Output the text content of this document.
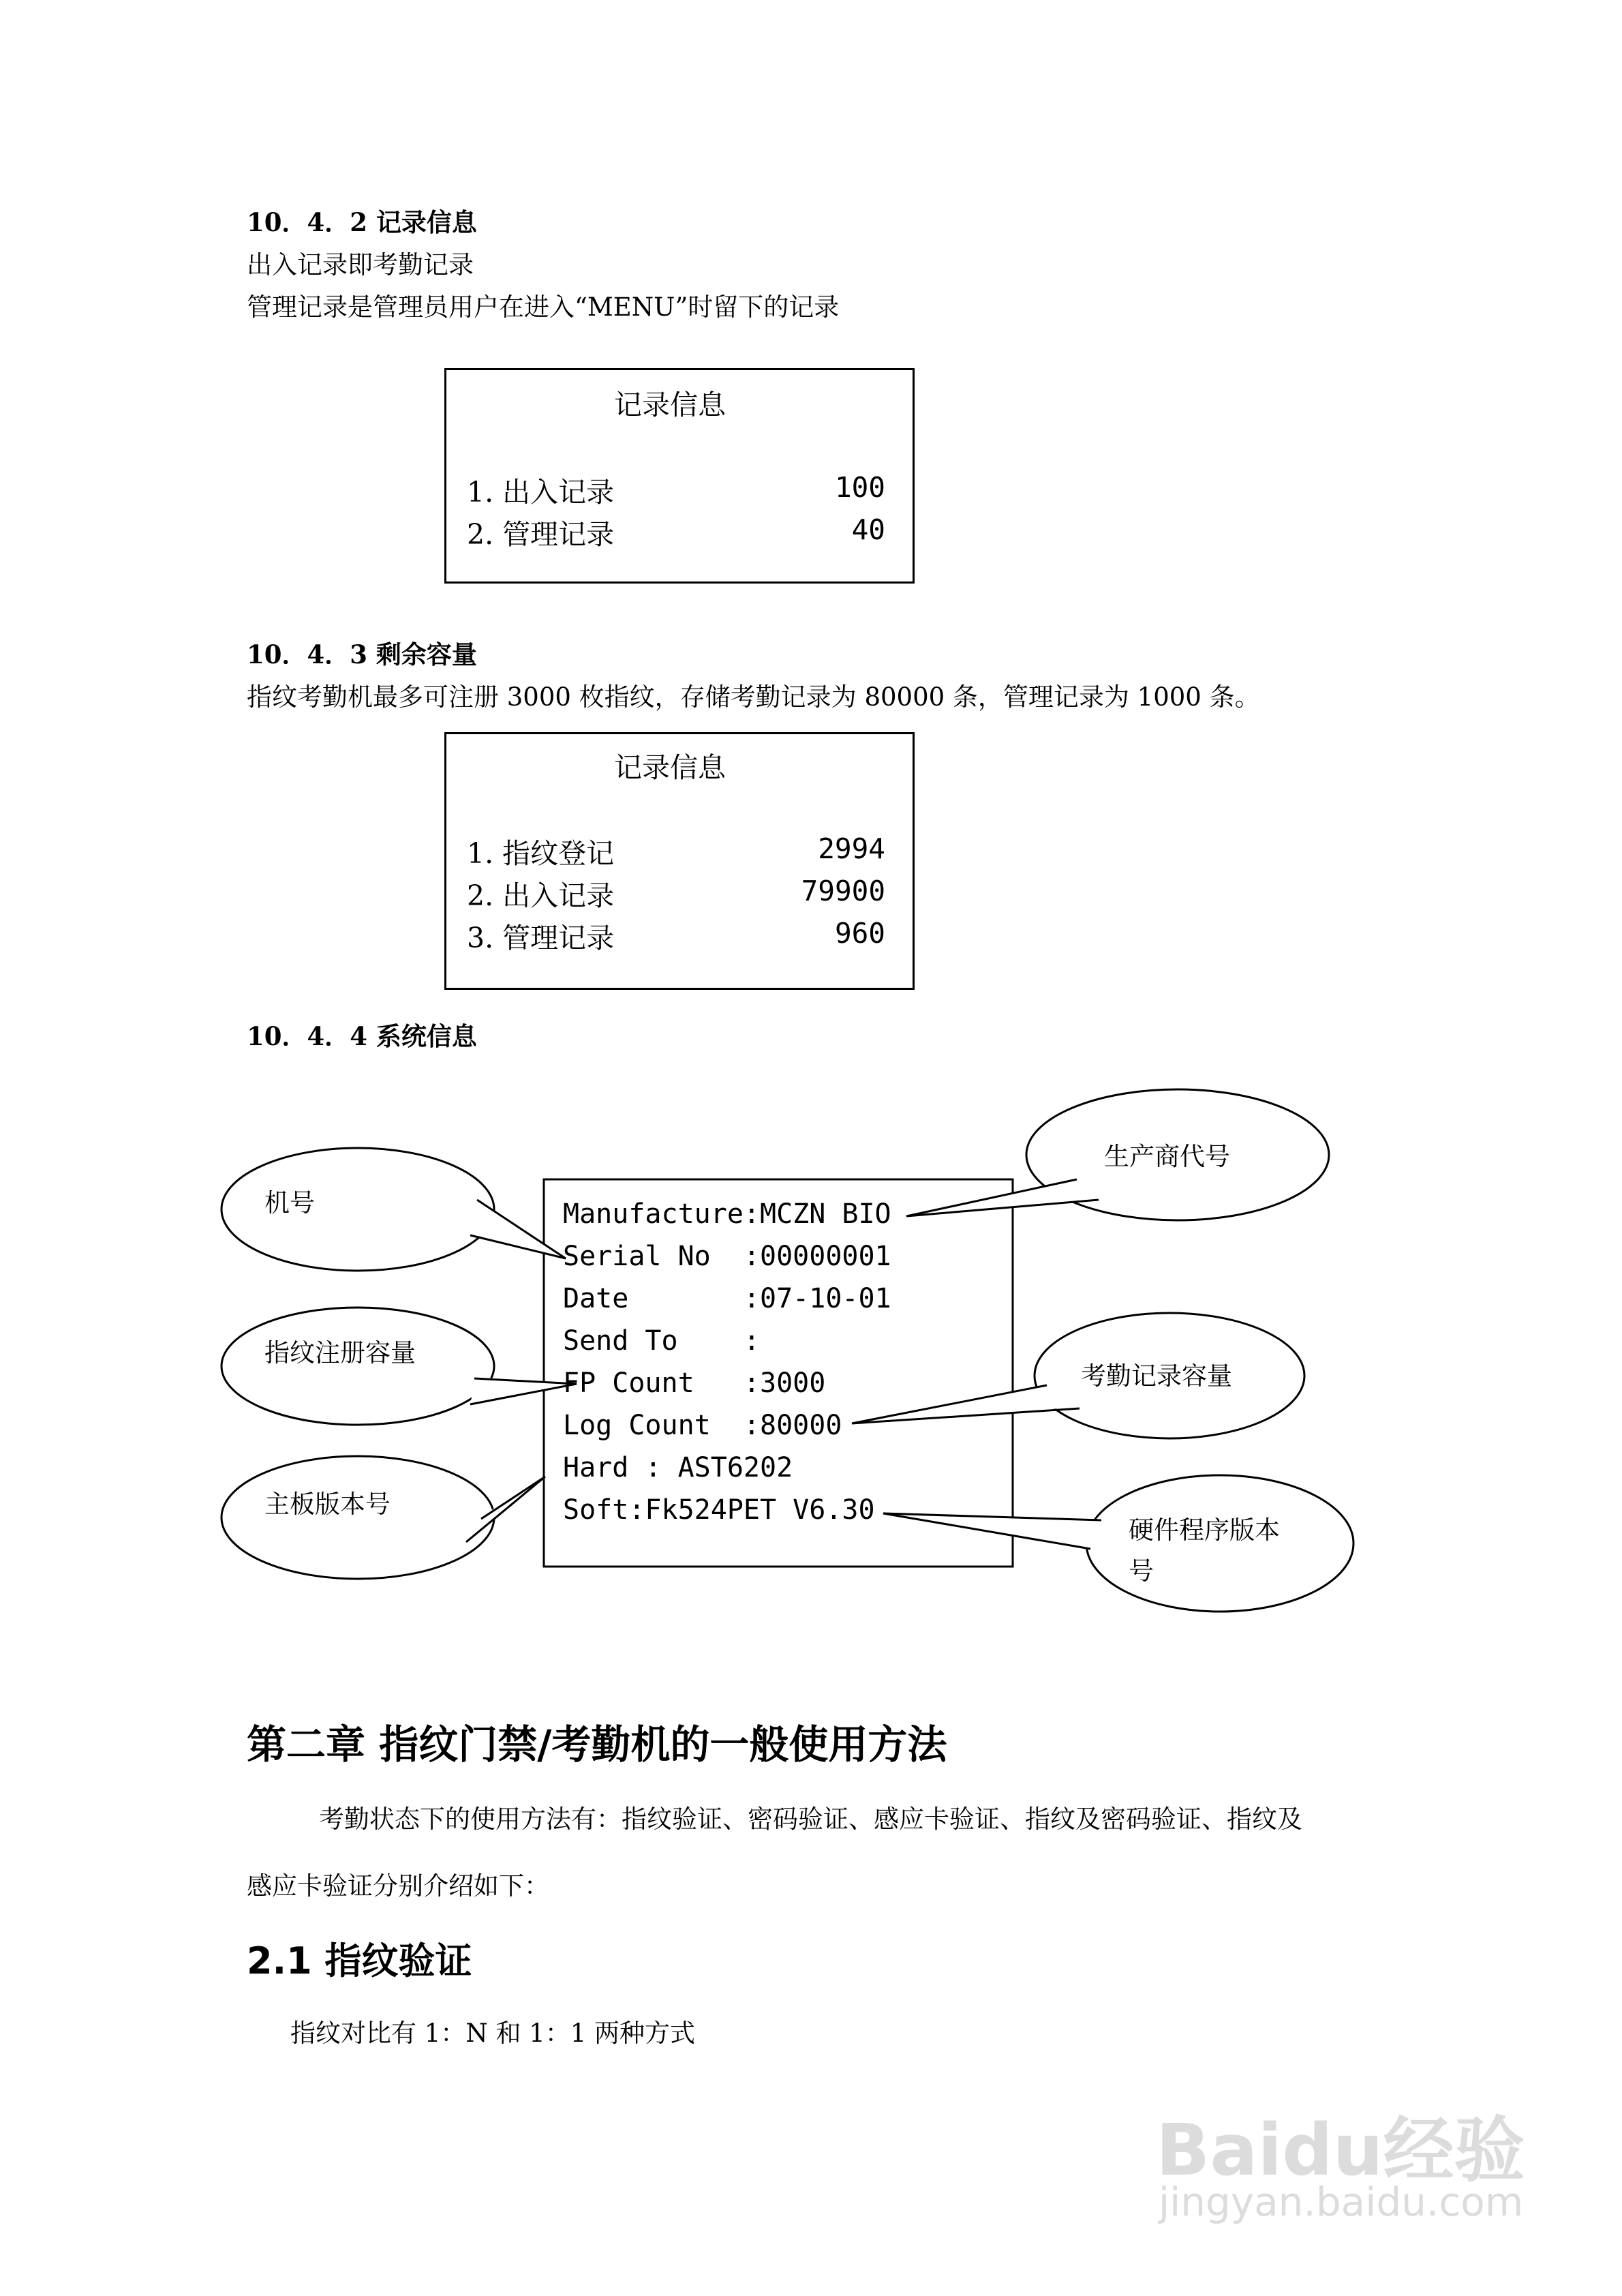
10．4．2 记录信息
出入记录即考勤记录
管理记录是管理员用户在进入“MENU”时留下的记录
记录信息
1. 出入记录	100
2. 管理记录	40
10．4．3 剩余容量
指纹考勤机最多可注册 3000 枚指纹，存储考勤记录为 80000 条，管理记录为 1000 条。
记录信息
1. 指纹登记	2994
2. 出入记录	79900
3. 管理记录	960
10．4．4 系统信息
Manufacture:MCZN BIO
Serial No  :00000001
Date       :07-10-01
Send To    :
FP Count   :3000
Log Count  :80000
Hard : AST6202
Soft:Fk524PET V6.30
生产商代号
机号
指纹注册容量
考勤记录容量
主板版本号
硬件程序版本
号
第二章 指纹门禁/考勤机的一般使用方法
考勤状态下的使用方法有：指纹验证、密码验证、感应卡验证、指纹及密码验证、指纹及
感应卡验证分别介绍如下：
2.1 指纹验证
指纹对比有 1：N 和 1：1 两种方式
Baidu经验
jingyan.baidu.com
